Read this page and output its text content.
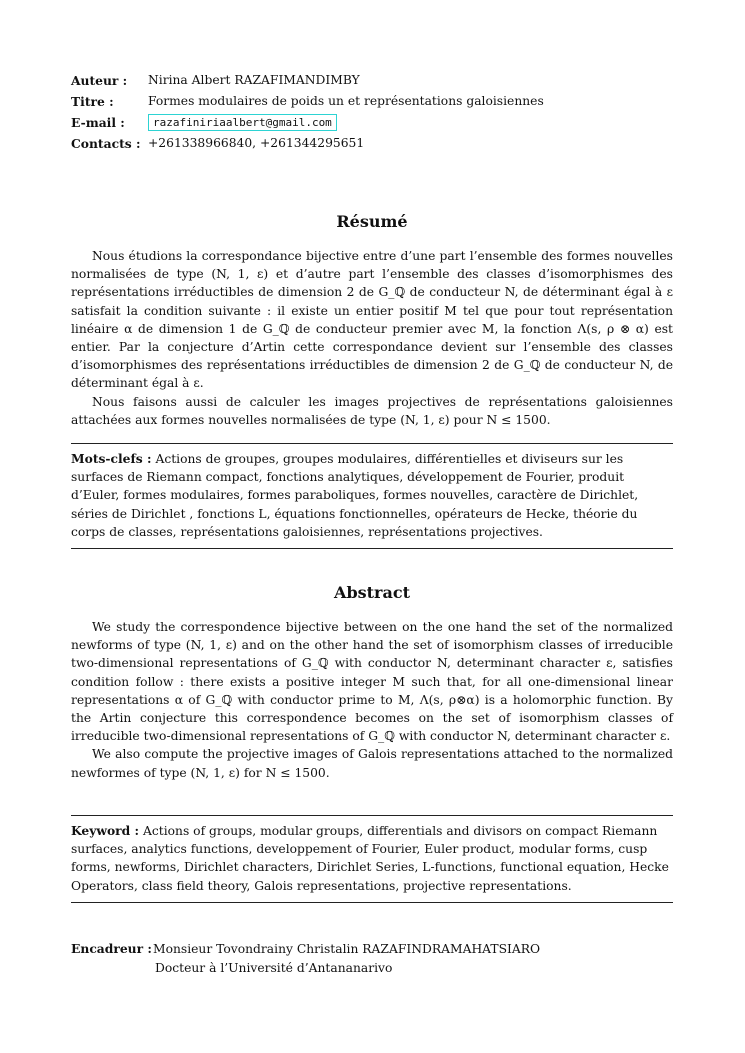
Auteur :	Nirina Albert RAZAFIMANDIMBY
Titre :	Formes modulaires de poids un et représentations galoisiennes
E-mail :	razafiniriaalbert@gmail.com
Contacts : +261338966840, +261344295651
Résumé

Nous étudions la correspondance bijective entre d’une part l’ensemble des formes nouvelles normalisées de type (N, 1, ε) et d’autre part l’ensemble des classes d’isomorphismes des représentations irréductibles de dimension 2 de G_ℚ de conducteur N, de déterminant égal à ε satisfait la condition suivante : il existe un entier positif M tel que pour tout représentation linéaire α de dimension 1 de G_ℚ de conducteur premier avec M, la fonction Λ(s, ρ ⊗ α) est entier. Par la conjecture d’Artin cette correspondance devient sur l’ensemble des classes d’isomorphismes des représentations irréductibles de dimension 2 de G_ℚ de conducteur N, de déterminant égal à ε.

Nous faisons aussi de calculer les images projectives de représentations galoisiennes attachées aux formes nouvelles normalisées de type (N, 1, ε) pour N ≤ 1500.

Mots-clefs : Actions de groupes, groupes modulaires, différentielles et diviseurs sur les surfaces de Riemann compact, fonctions analytiques, développement de Fourier, produit d’Euler, formes modulaires, formes paraboliques, formes nouvelles, caractère de Dirichlet, séries de Dirichlet , fonctions L, équations fonctionnelles, opérateurs de Hecke, théorie du corps de classes, représentations galoisiennes, représentations projectives.
Abstract

We study the correspondence bijective between on the one hand the set of the normalized newforms of type (N, 1, ε) and on the other hand the set of isomorphism classes of irreducible two-dimensional representations of G_ℚ with conductor N, determinant character ε, satisfies condition follow : there exists a positive integer M such that, for all one-dimensional linear representations α of G_ℚ with conductor prime to M, Λ(s, ρ⊗α) is a holomorphic function. By the Artin conjecture this correspondence becomes on the set of isomorphism classes of irreducible two-dimensional representations of G_ℚ with conductor N, determinant character ε.

We also compute the projective images of Galois representations attached to the normalized newformes of type (N, 1, ε) for N ≤ 1500.

Keyword : Actions of groups, modular groups, differentials and divisors on compact Riemann surfaces, analytics functions, developpement of Fourier, Euler product, modular forms, cusp forms, newforms, Dirichlet characters, Dirichlet Series, L-functions, functional equation, Hecke Operators, class field theory, Galois representations, projective representations.
Encadreur : Monsieur Tovondrainy Christalin RAZAFINDRAMAHATSIARO
Docteur à l’Université d’Antananarivo
